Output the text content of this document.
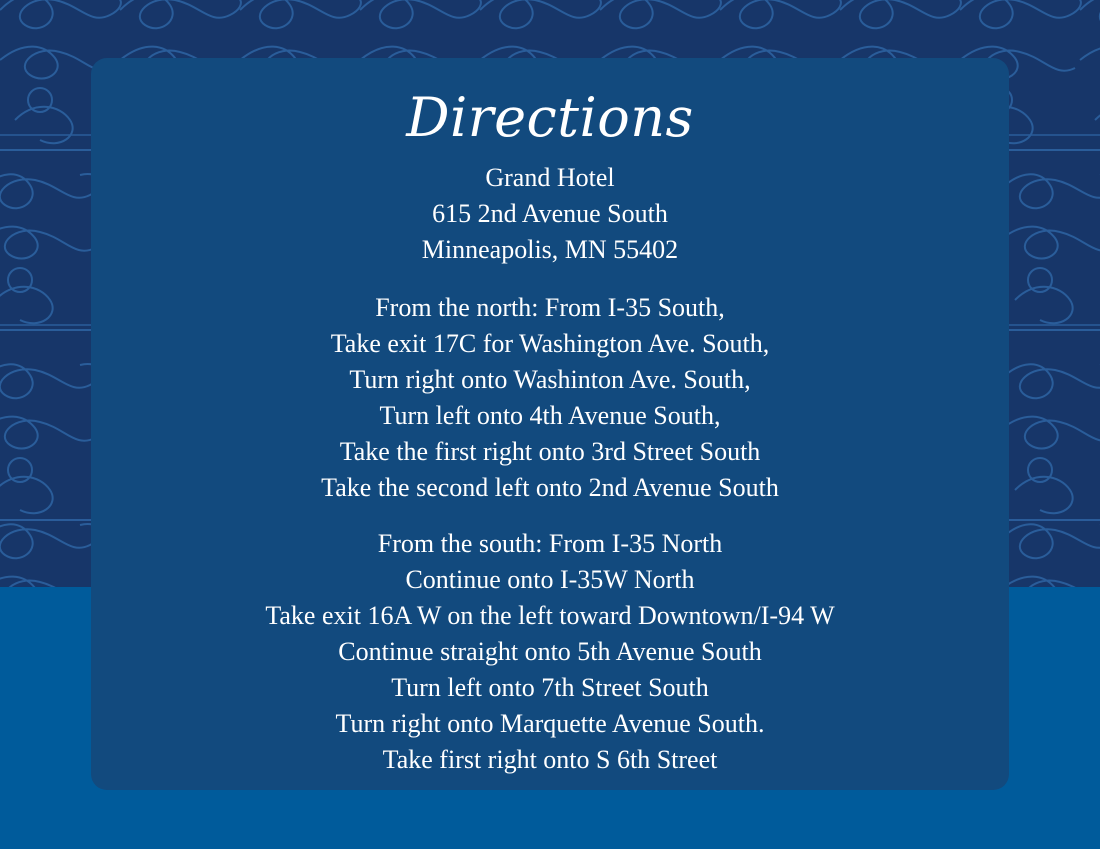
Directions
Grand Hotel
615 2nd Avenue South
Minneapolis, MN 55402
From the north: From I-35 South,
Take exit 17C for Washington Ave. South,
Turn right onto Washinton Ave. South,
Turn left onto 4th Avenue South,
Take the first right onto 3rd Street South
Take the second left onto 2nd Avenue South
From the south: From I-35 North
Continue onto I-35W North
Take exit 16A W on the left toward Downtown/I-94 W
Continue straight onto 5th Avenue South
Turn left onto 7th Street South
Turn right onto Marquette Avenue South.
Take first right onto S 6th Street
